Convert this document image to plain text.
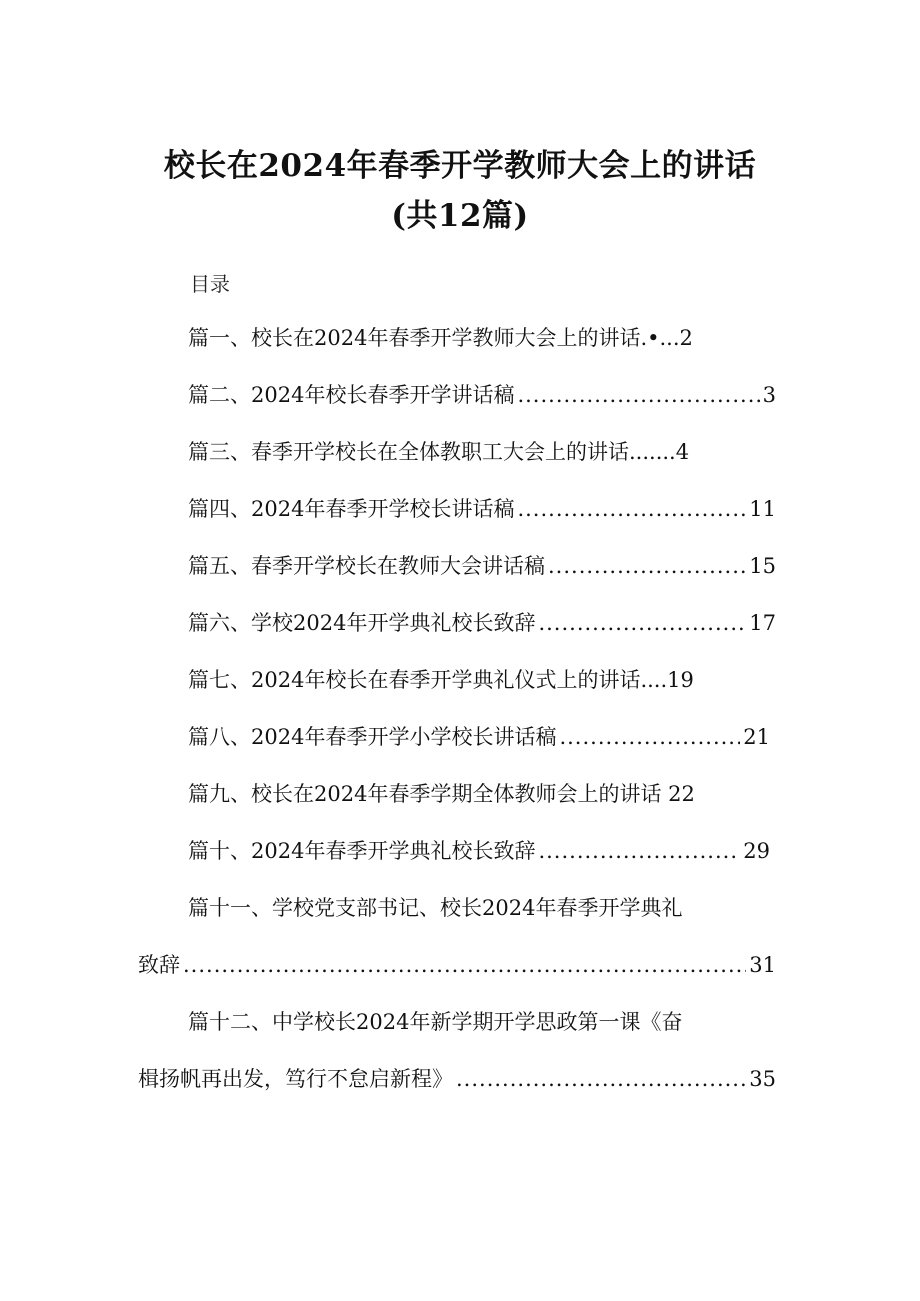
校长在2024年春季开学教师大会上的讲话
(共12篇)
目录
篇一、校长在2024年春季开学教师大会上的讲话.•...2
篇二、2024年校长春季开学讲话稿 .....	3
篇三、春季开学校长在全体教职工大会上的讲话.......4
篇四、2024年春季开学校长讲话稿 .....	11
篇五、春季开学校长在教师大会讲话稿 .....	15
篇六、学校2024年开学典礼校长致辞 .....	17
篇七、2024年校长在春季开学典礼仪式上的讲话....19
篇八、2024年春季开学小学校长讲话稿 .....	21
篇九、校长在2024年春季学期全体教师会上的讲话 22
篇十、2024年春季开学典礼校长致辞 .....	29
篇十一、学校党支部书记、校长2024年春季开学典礼
致辞 .....	31
篇十二、中学校长2024年新学期开学思政第一课《奋
楫扬帆再出发，笃行不怠启新程》 .....	35
